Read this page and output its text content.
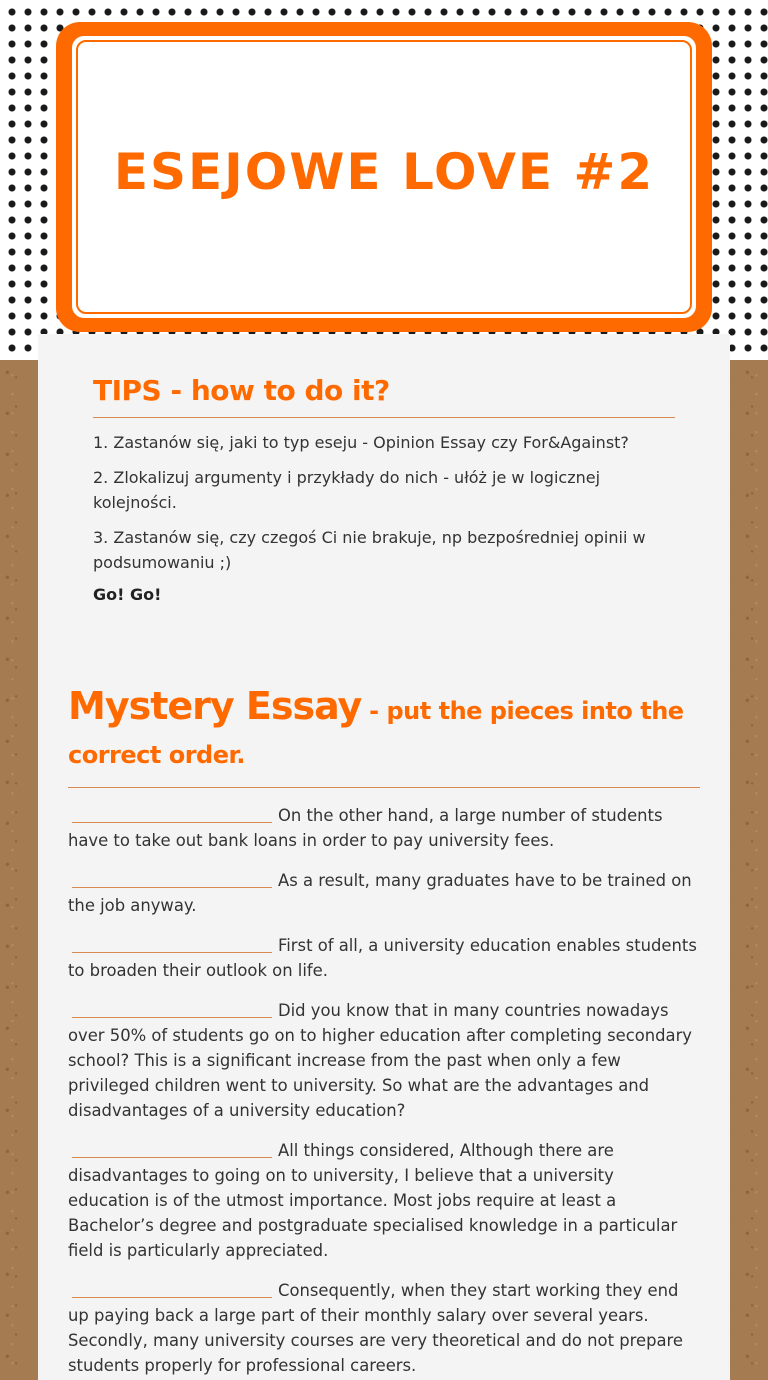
ESEJOWE LOVE #2
TIPS - how to do it?
1. Zastanów się, jaki to typ eseju - Opinion Essay czy For&Against?
2. Zlokalizuj argumenty i przykłady do nich - ułóż je w logicznej kolejności.
3. Zastanów się, czy czegoś Ci nie brakuje, np bezpośredniej opinii w podsumowaniu ;)
Go! Go!
Mystery Essay - put the pieces into the correct order.

On the other hand, a large number of students have to take out bank loans in order to pay university fees.

As a result, many graduates have to be trained on the job anyway.

First of all, a university education enables students to broaden their outlook on life.

Did you know that in many countries nowadays over 50% of students go on to higher education after completing secondary school? This is a significant increase from the past when only a few privileged children went to university. So what are the advantages and disadvantages of a university education?

All things considered, Although there are disadvantages to going on to university, I believe that a university education is of the utmost importance. Most jobs require at least a Bachelor’s degree and postgraduate specialised knowledge in a particular field is particularly appreciated.

Consequently, when they start working they end up paying back a large part of their monthly salary over several years. Secondly, many university courses are very theoretical and do not prepare students properly for professional careers.
